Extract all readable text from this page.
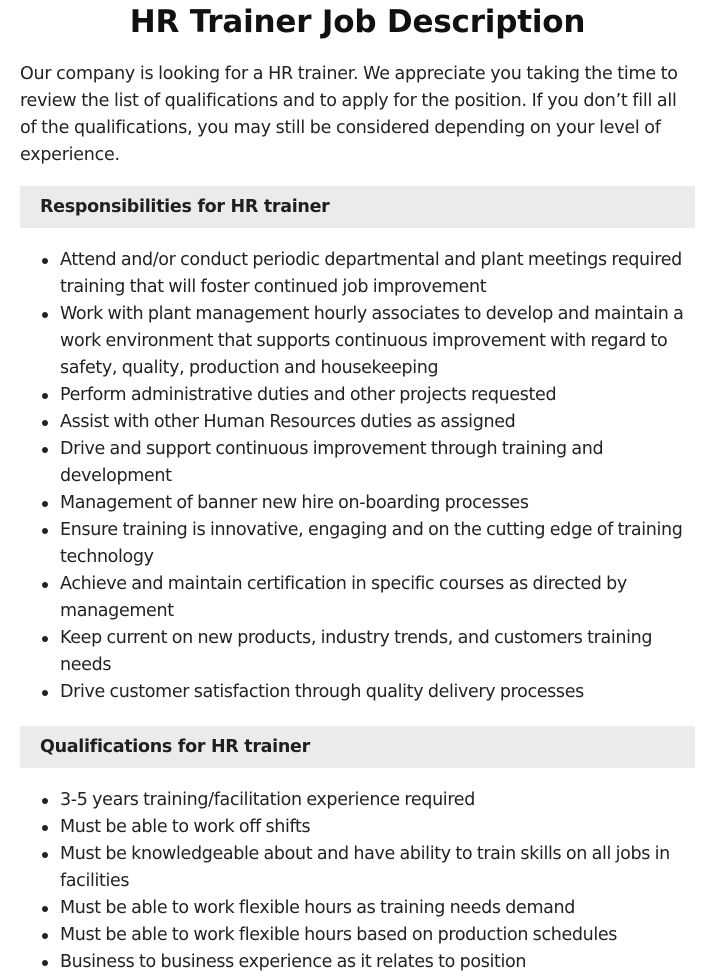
HR Trainer Job Description

Our company is looking for a HR trainer. We appreciate you taking the time to review the list of qualifications and to apply for the position. If you don’t fill all of the qualifications, you may still be considered depending on your level of experience.

Responsibilities for HR trainer
Attend and/or conduct periodic departmental and plant meetings required training that will foster continued job improvement
Work with plant management hourly associates to develop and maintain a work environment that supports continuous improvement with regard to safety, quality, production and housekeeping
Perform administrative duties and other projects requested
Assist with other Human Resources duties as assigned
Drive and support continuous improvement through training and development
Management of banner new hire on-boarding processes
Ensure training is innovative, engaging and on the cutting edge of training technology
Achieve and maintain certification in specific courses as directed by management
Keep current on new products, industry trends, and customers training needs
Drive customer satisfaction through quality delivery processes
Qualifications for HR trainer
3-5 years training/facilitation experience required
Must be able to work off shifts
Must be knowledgeable about and have ability to train skills on all jobs in facilities
Must be able to work flexible hours as training needs demand
Must be able to work flexible hours based on production schedules
Business to business experience as it relates to position
